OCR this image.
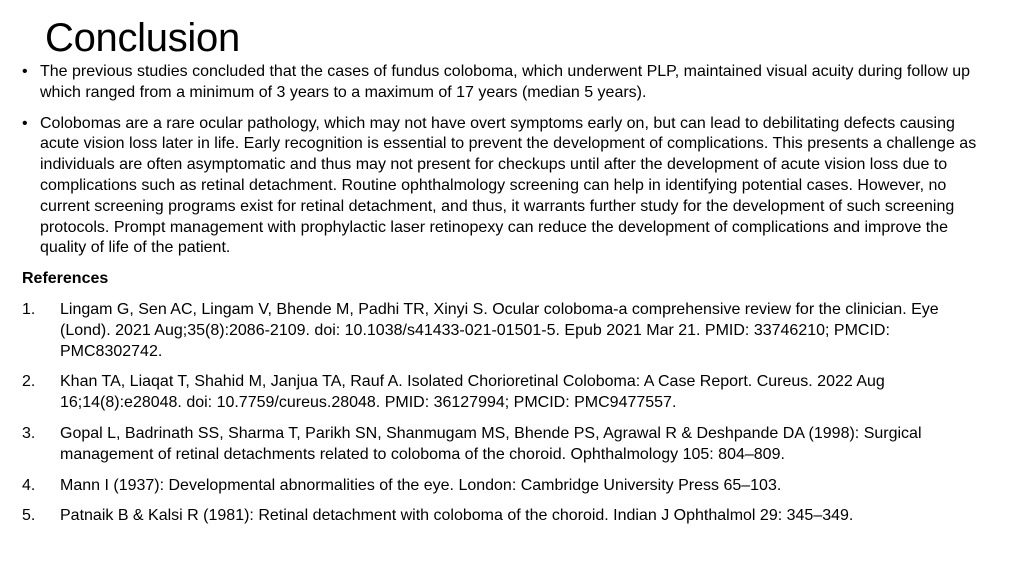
Conclusion
• The previous studies concluded that the cases of fundus coloboma, which underwent PLP, maintained visual acuity during follow up which ranged from a minimum of 3 years to a maximum of 17 years (median 5 years).
• Colobomas are a rare ocular pathology, which may not have overt symptoms early on, but can lead to debilitating defects causing acute vision loss later in life. Early recognition is essential to prevent the development of complications. This presents a challenge as individuals are often asymptomatic and thus may not present for checkups until after the development of acute vision loss due to complications such as retinal detachment. Routine ophthalmology screening can help in identifying potential cases. However, no current screening programs exist for retinal detachment, and thus, it warrants further study for the development of such screening protocols. Prompt management with prophylactic laser retinopexy can reduce the development of complications and improve the quality of life of the patient.
References
1. Lingam G, Sen AC, Lingam V, Bhende M, Padhi TR, Xinyi S. Ocular coloboma-a comprehensive review for the clinician. Eye (Lond). 2021 Aug;35(8):2086-2109. doi: 10.1038/s41433-021-01501-5. Epub 2021 Mar 21. PMID: 33746210; PMCID: PMC8302742.
2. Khan TA, Liaqat T, Shahid M, Janjua TA, Rauf A. Isolated Chorioretinal Coloboma: A Case Report. Cureus. 2022 Aug 16;14(8):e28048. doi: 10.7759/cureus.28048. PMID: 36127994; PMCID: PMC9477557.
3. Gopal L, Badrinath SS, Sharma T, Parikh SN, Shanmugam MS, Bhende PS, Agrawal R & Deshpande DA (1998): Surgical management of retinal detachments related to coloboma of the choroid. Ophthalmology 105: 804–809.
4. Mann I (1937): Developmental abnormalities of the eye. London: Cambridge University Press 65–103.
5. Patnaik B & Kalsi R (1981): Retinal detachment with coloboma of the choroid. Indian J Ophthalmol 29: 345–349.
